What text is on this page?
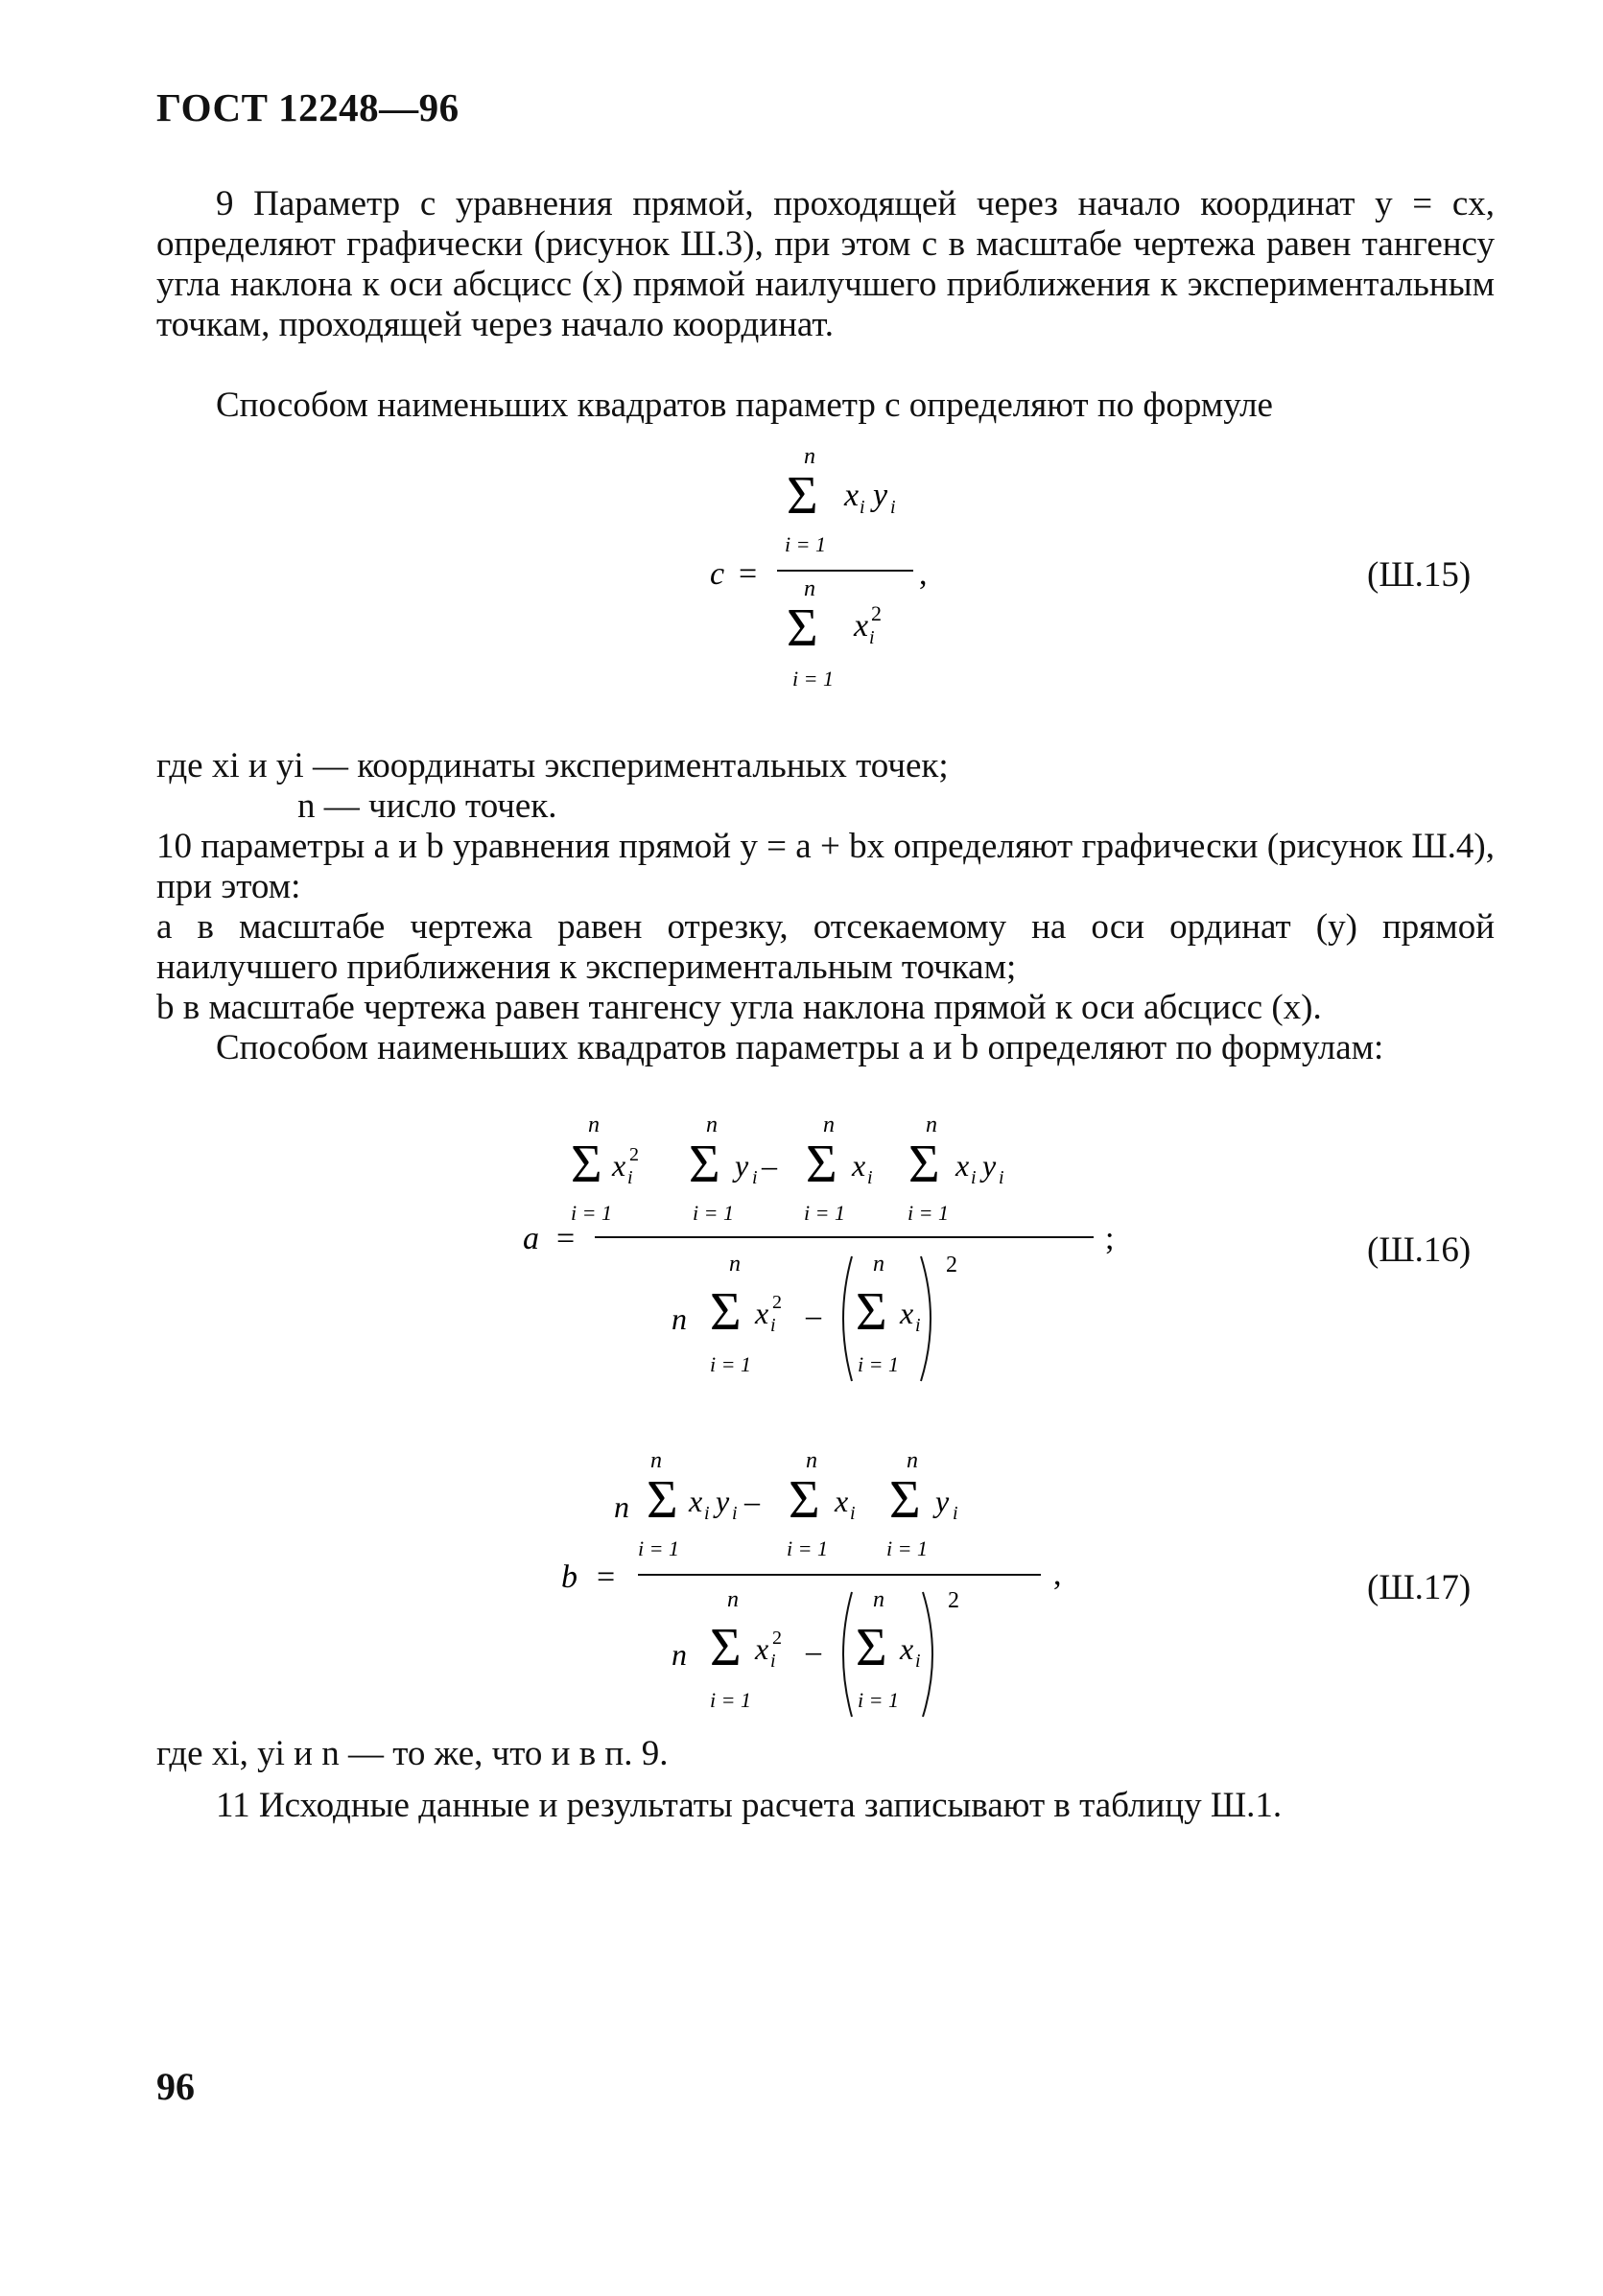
ГОСТ 12248—96

9 Параметр с уравнения прямой, проходящей через начало координат y = cx, определяют графически (рисунок Ш.3), при этом c в масштабе чертежа равен тангенсу угла наклона к оси абсцисс (x) прямой наилучшего приближения к экспериментальным точкам, проходящей через начало координат.

Способом наименьших квадратов параметр c определяют по формуле

n
Σ x i y i
i = 1
c =	,
n
Σ x i
2
i = 1
(Ш.15)
где xi и yi — координаты экспериментальных точек;
n — число точек.

10 параметры a и b уравнения прямой y = a + bx определяют графически (рисунок Ш.4), при этом:

a в масштабе чертежа равен отрезку, отсекаемому на оси ординат (y) прямой наилучшего приближения к экспериментальным точкам;

b в масштабе чертежа равен тангенсу угла наклона прямой к оси абсцисс (x).

Способом наименьших квадратов параметры a и b определяют по формулам:

n
Σ x i
2
i = 1
n
Σ y i –
i = 1
n
Σ x i
i = 1
n
Σ x i y i
i = 1
a =	;
n
n Σ x i
2
i = 1
–
n
Σ x i
i = 1
2	(Ш.16)
n
Σ
n x i y i –
i = 1
n
Σ x i
i = 1
n
Σ y i
i = 1
b =	,
n
n Σ x i
2
i = 1
–
n
Σ x i
i = 1
2	(Ш.17)
где xi, yi и n — то же, что и в п. 9.
11 Исходные данные и результаты расчета записывают в таблицу Ш.1.
96
